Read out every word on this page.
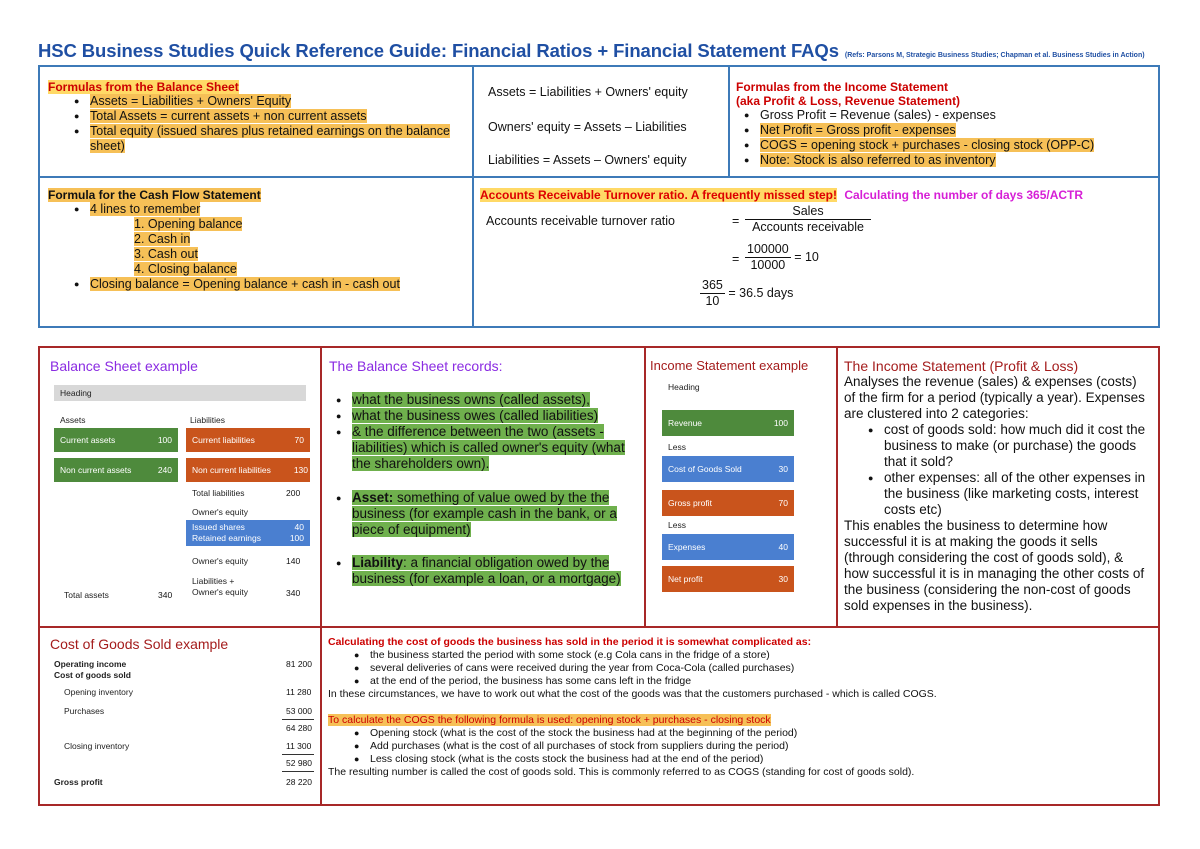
HSC Business Studies Quick Reference Guide: Financial Ratios + Financial Statement FAQs (Refs: Parsons M, Strategic Business Studies; Chapman et al. Business Studies in Action)
Formulas from the Balance Sheet
● Assets = Liabilities + Owners' Equity
● Total Assets = current assets + non current assets
● Total equity (issued shares plus retained earnings on the balance sheet)
Assets = Liabilities + Owners' equity
Owners' equity = Assets – Liabilities
Liabilities = Assets – Owners' equity
Formulas from the Income Statement
(aka Profit & Loss, Revenue Statement)
● Gross Profit = Revenue (sales) - expenses
● Net Profit = Gross profit - expenses
● COGS = opening stock + purchases - closing stock (OPP-C)
● Note: Stock is also referred to as inventory
Formula for the Cash Flow Statement
● 4 lines to remember
1. Opening balance
2. Cash in
3. Cash out
4. Closing balance
● Closing balance = Opening balance + cash in - cash out
Accounts Receivable Turnover ratio. A frequently missed step! Calculating the number of days 365/ACTR
Accounts receivable turnover ratio	= $\frac{\text{Sales}}{\text{Accounts receivable}}$
= $\frac{100000}{10000} = 10$
$\frac{365}{10} = 36.5$ days
Balance Sheet example
Heading
Assets	Liabilities
Current assets	100
Non current assets	240
Current liabilities	70
Non current liabilities	130
Total liabilities	200
Owner's equity
Issued shares	40
Retained earnings	100
Owner's equity	140
Liabilities +
Owner's equity	340
Total assets	340
The Balance Sheet records:
● what the business owns (called assets),
● what the business owes (called liabilities)
● & the difference between the two (assets - liabilities) which is called owner's equity (what the shareholders own).
● Asset: something of value owed by the the business (for example cash in the bank, or a piece of equipment)
● Liability: a financial obligation owed by the business (for example a loan, or a mortgage)
Income Statement example
Heading
Revenue	100
Less
Cost of Goods Sold	30
Gross profit	70
Less
Expenses	40
Net profit	30
The Income Statement (Profit & Loss)
Analyses the revenue (sales) & expenses (costs) of the firm for a period (typically a year). Expenses are clustered into 2 categories:
● cost of goods sold: how much did it cost the business to make (or purchase) the goods that it sold?
● other expenses: all of the other expenses in the business (like marketing costs, interest costs etc)
This enables the business to determine how successful it is at making the goods it sells (through considering the cost of goods sold), & how successful it is in managing the other costs of the business (considering the non-cost of goods sold expenses in the business).
Cost of Goods Sold example
Operating income	81 200
Cost of goods sold
Opening inventory	11 280
Purchases	53 000
64 280
Closing inventory	11 300
52 980
Gross profit	28 220
Calculating the cost of goods the business has sold in the period it is somewhat complicated as:
● the business started the period with some stock (e.g Cola cans in the fridge of a store)
● several deliveries of cans were received during the year from Coca-Cola (called purchases)
● at the end of the period, the business has some cans left in the fridge
In these circumstances, we have to work out what the cost of the goods was that the customers purchased - which is called COGS.
To calculate the COGS the following formula is used: opening stock + purchases - closing stock
● Opening stock (what is the cost of the stock the business had at the beginning of the period)
● Add purchases (what is the cost of all purchases of stock from suppliers during the period)
● Less closing stock (what is the costs stock the business had at the end of the period)
The resulting number is called the cost of goods sold. This is commonly referred to as COGS (standing for cost of goods sold).
